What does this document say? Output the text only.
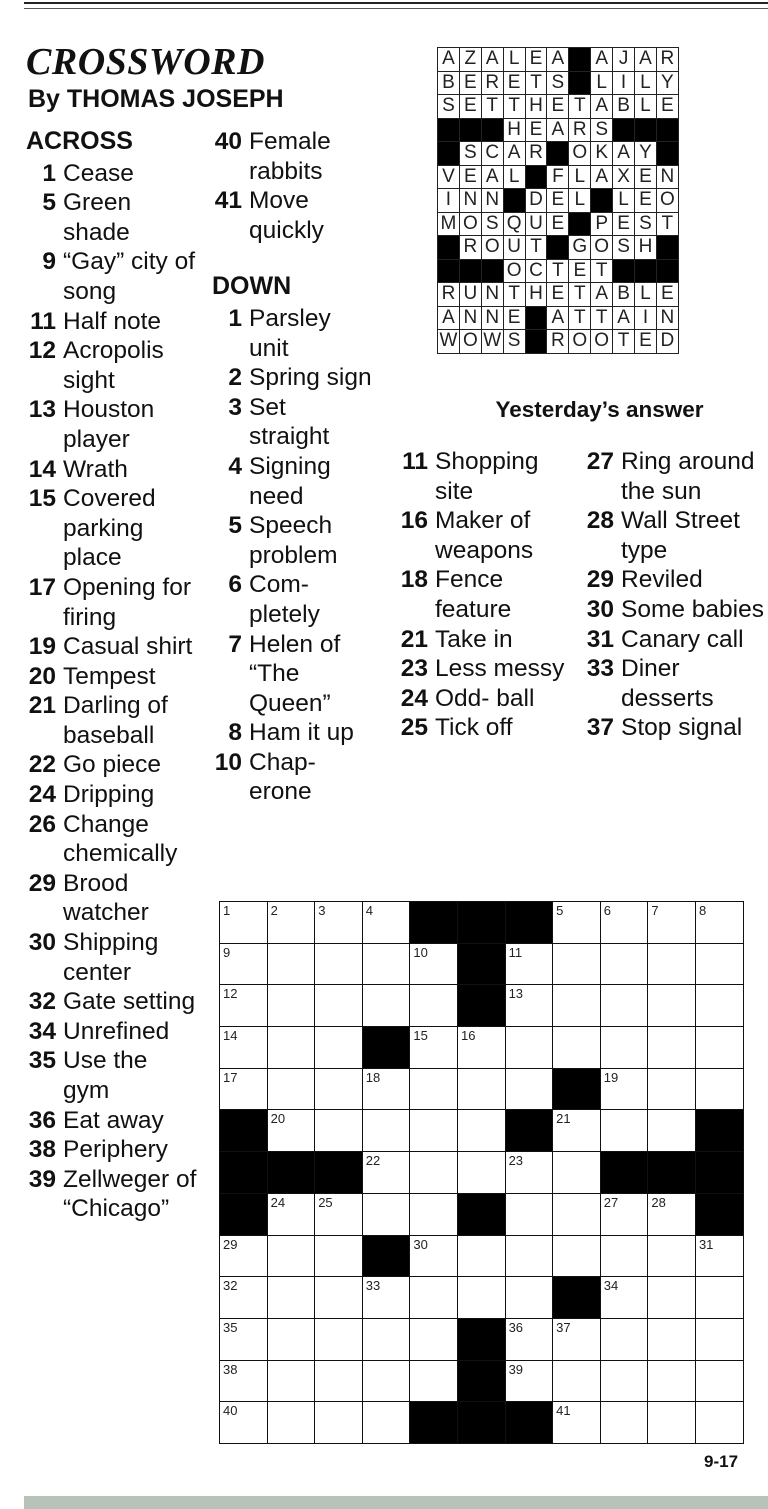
CROSSWORD
By THOMAS JOSEPH
ACROSS
1 Cease
5 Green shade
9 “Gay” city of song
11 Half note
12 Acropolis sight
13 Houston player
14 Wrath
15 Covered parking place
17 Opening for firing
19 Casual shirt
20 Tempest
21 Darling of baseball
22 Go piece
24 Dripping
26 Change chemically
29 Brood watcher
30 Shipping center
32 Gate setting
34 Unrefined
35 Use the gym
36 Eat away
38 Periphery
39 Zellweger of “Chicago”
40 Female rabbits
41 Move quickly
DOWN
1 Parsley unit
2 Spring sign
3 Set straight
4 Signing need
5 Speech problem
6 Com- pletely
7 Helen of “The Queen”
8 Ham it up
10 Chap- erone
11 Shopping site
16 Maker of weapons
18 Fence feature
21 Take in
23 Less messy
24 Odd- ball
25 Tick off
27 Ring around the sun
28 Wall Street type
29 Reviled
30 Some babies
31 Canary call
33 Diner desserts
37 Stop signal
A	Z	A	L	E	A		A	J	A	R
B	E	R	E	T	S		L	I	L	Y
S	E	T	T	H	E	T	A	B	L	E
			H	E	A	R	S			
	S	C	A	R		O	K	A	Y	
V	E	A	L		F	L	A	X	E	N
I	N	N		D	E	L		L	E	O
M	O	S	Q	U	E		P	E	S	T
	R	O	U	T		G	O	S	H	
			O	C	T	E	T			
R	U	N	T	H	E	T	A	B	L	E
A	N	N	E		A	T	T	A	I	N
W	O	W	S		R	O	O	T	E	D
Yesterday’s answer
1	2	3	4				5	6	7	8

9				10		11				

12						13				

14				15	16					

17			18					19		

	20						21			

			22			23				

	24	25						27	28	

29				30						31

32			33					34		

35						36	37			

38						39				

40							41			

9-17
